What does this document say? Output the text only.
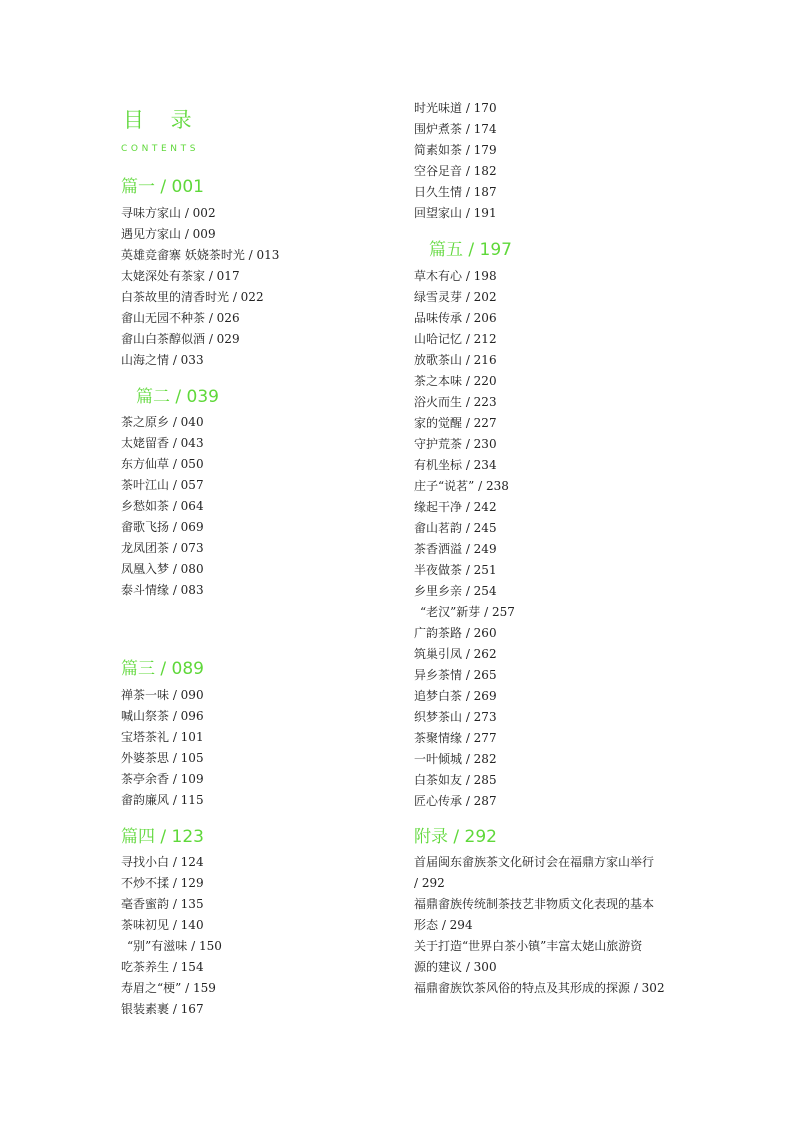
目 录
CONTENTS
篇一 / 001
寻味方家山 / 002
遇见方家山 / 009
英雄竞畲寨 妖娆茶时光 / 013
太姥深处有茶家 / 017
白茶故里的清香时光 / 022
畲山无园不种茶 / 026
畲山白茶醇似酒 / 029
山海之情 / 033
篇二 / 039
茶之原乡 / 040
太姥留香 / 043
东方仙草 / 050
茶叶江山 / 057
乡愁如茶 / 064
畲歌飞扬 / 069
龙凤团茶 / 073
凤凰入梦 / 080
泰斗情缘 / 083
篇三 / 089
禅茶一味 / 090
喊山祭茶 / 096
宝塔茶礼 / 101
外婆茶思 / 105
茶亭余香 / 109
畲韵廉风 / 115
篇四 / 123
寻找小白 / 124
不炒不揉 / 129
毫香蜜韵 / 135
茶味初见 / 140
“别”有滋味 / 150
吃茶养生 / 154
寿眉之“梗” / 159
银装素裹 / 167
时光味道 / 170
围炉煮茶 / 174
简素如茶 / 179
空谷足音 / 182
日久生情 / 187
回望家山 / 191
篇五 / 197
草木有心 / 198
绿雪灵芽 / 202
品味传承 / 206
山哈记忆 / 212
放歌茶山 / 216
茶之本味 / 220
浴火而生 / 223
家的觉醒 / 227
守护荒茶 / 230
有机坐标 / 234
庄子“说茗” / 238
缘起干净 / 242
畲山茗韵 / 245
茶香洒溢 / 249
半夜做茶 / 251
乡里乡亲 / 254
“老汉”新芽 / 257
广韵茶路 / 260
筑巢引凤 / 262
异乡茶情 / 265
追梦白茶 / 269
织梦茶山 / 273
茶聚情缘 / 277
一叶倾城 / 282
白茶如友 / 285
匠心传承 / 287
附录 / 292
首届闽东畲族茶文化研讨会在福鼎方家山举行
/ 292
福鼎畲族传统制茶技艺非物质文化表现的基本
形态 / 294
关于打造“世界白茶小镇”丰富太姥山旅游资
源的建议 / 300
福鼎畲族饮茶风俗的特点及其形成的探源 / 302
